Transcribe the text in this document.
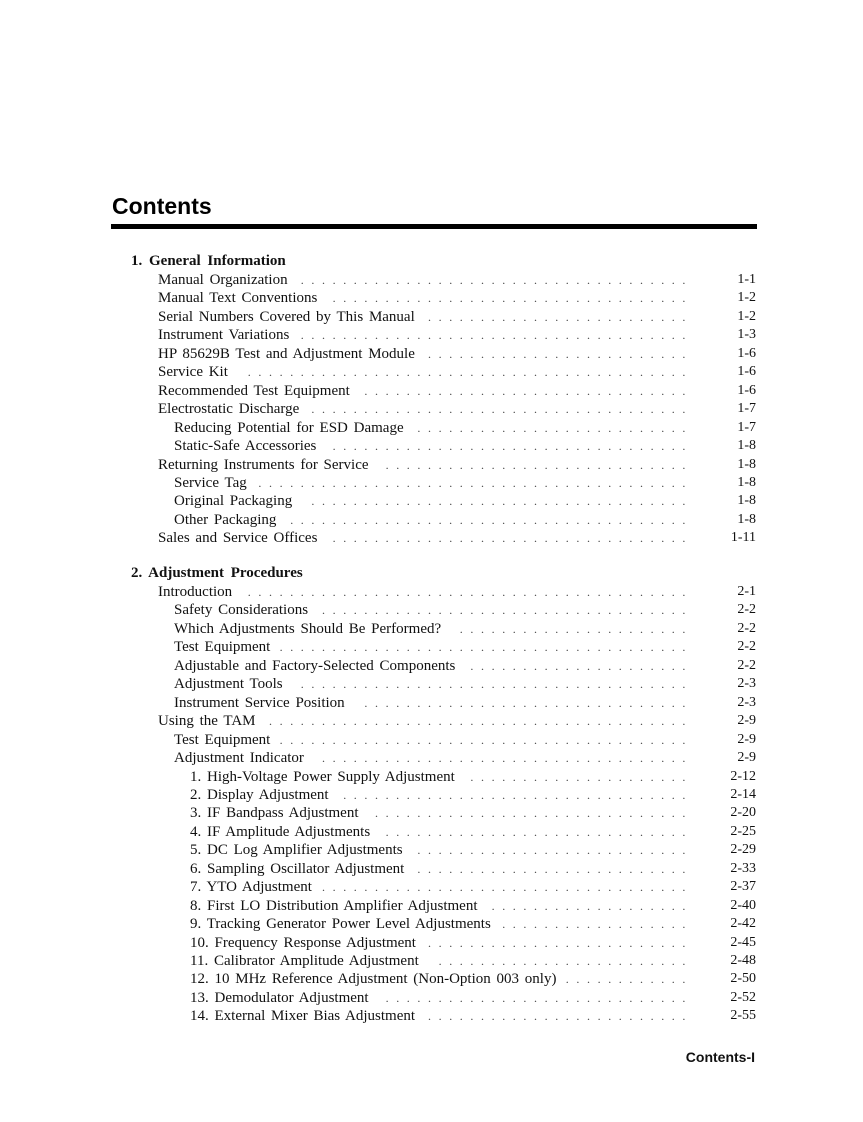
Contents
1. General Information
.....................................
Manual Organization	1-1
..................................
Manual Text Conventions	1-2
.........................
Serial Numbers Covered by This Manual	1-2
.....................................
Instrument Variations	1-3
.........................
HP 85629B Test and Adjustment Module	1-6
..........................................
Service Kit	1-6
...............................
Recommended Test Equipment	1-6
....................................
Electrostatic Discharge	1-7
..........................
Reducing Potential for ESD Damage	1-7
..................................
Static-Safe Accessories	1-8
.............................
Returning Instruments for Service	1-8
.........................................
Service Tag	1-8
....................................
Original Packaging	1-8
......................................
Other Packaging	1-8
..................................
Sales and Service Offices	1-11
2. Adjustment Procedures
..........................................
Introduction	2-1
...................................
Safety Considerations	2-2
......................
Which Adjustments Should Be Performed?	2-2
.......................................
Test Equipment	2-2
.....................
Adjustable and Factory-Selected Components	2-2
.....................................
Adjustment Tools	2-3
...............................
Instrument Service Position	2-3
........................................
Using the TAM	2-9
.......................................
Test Equipment	2-9
...................................
Adjustment Indicator	2-9
.....................
1. High-Voltage Power Supply Adjustment	2-12
.................................
2. Display Adjustment	2-14
..............................
3. IF Bandpass Adjustment	2-20
.............................
4. IF Amplitude Adjustments	2-25
..........................
5. DC Log Amplifier Adjustments	2-29
..........................
6. Sampling Oscillator Adjustment	2-33
...................................
7. YTO Adjustment	2-37
...................
8. First LO Distribution Amplifier Adjustment	2-40
..................
9. Tracking Generator Power Level Adjustments	2-42
.........................
10. Frequency Response Adjustment	2-45
........................
11. Calibrator Amplitude Adjustment	2-48
............
12. 10 MHz Reference Adjustment (Non-Option 003 only)	2-50
.............................
13. Demodulator Adjustment	2-52
.........................
14. External Mixer Bias Adjustment	2-55
Contents-I
